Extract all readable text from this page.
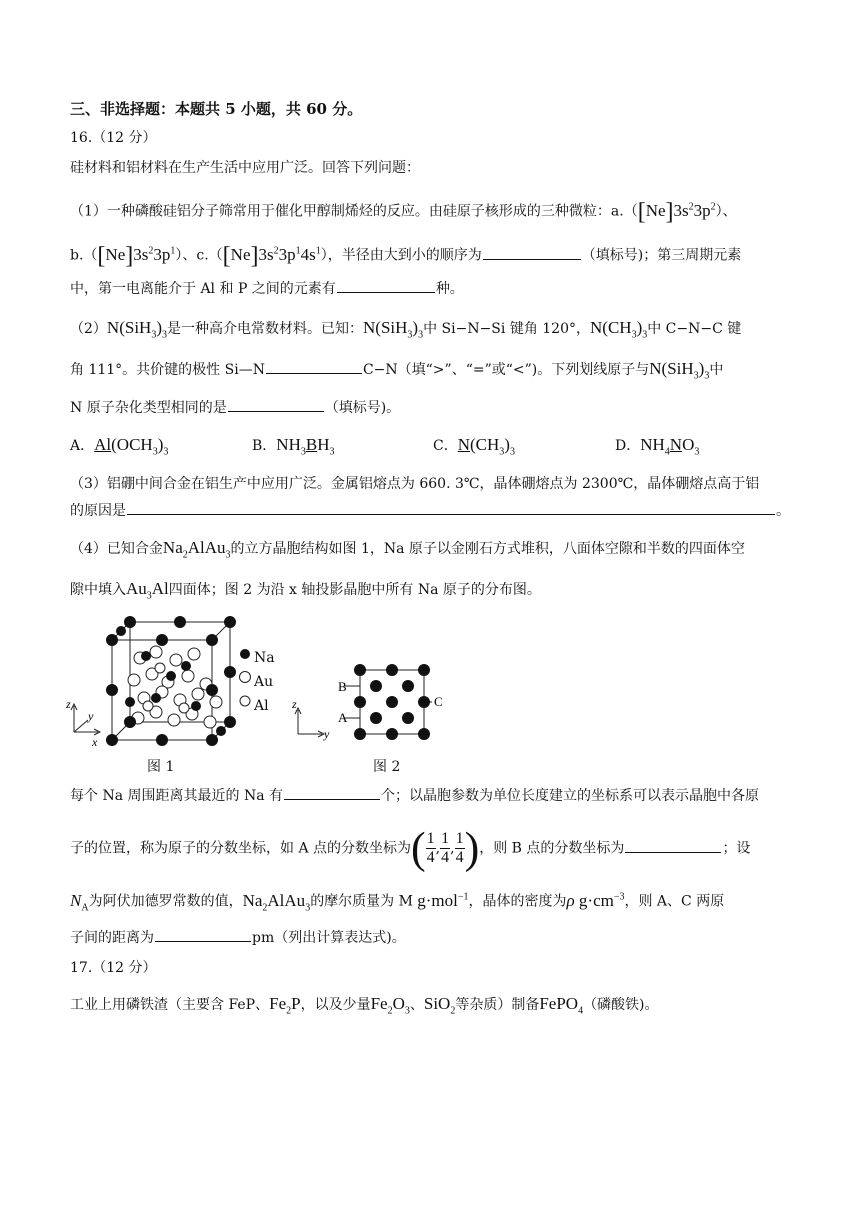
三、非选择题：本题共 5 小题，共 60 分。
16.（12 分）
硅材料和铝材料在生产生活中应用广泛。回答下列问题：
（1）一种磷酸硅铝分子筛常用于催化甲醇制烯烃的反应。由硅原子核形成的三种微粒：$a.([Ne]3s^23p^2)$、
$b.([Ne]3s^23p^1)$、$c.([Ne]3s^23p^14s^1)$，半径由大到小的顺序为	（填标号)；第三周期元素
中，第一电离能介于 Al 和 P 之间的元素有	种。
$(2)N(SiH_3)_3$是一种高介电常数材料。已知：$N(SiH_3)_3$中 Si−N−Si 键角 120°，$N(CH_3)_3$中 C−N−C 键
角 111°。共价键的极性 Si—N	C−N（填“>”、“=”或“<”)。下列划线原子与$N(SiH_3)_3$中
N 原子杂化类型相同的是	（填标号)。
A．$Al(OCH_3)_3$	B．$NH_3BH_3$	C．$N(CH_3)_3$	D．$NH_4NO_3$
（3）铝硼中间合金在铝生产中应用广泛。金属铝熔点为 660. 3℃，晶体硼熔点为 2300℃，晶体硼熔点高于铝
的原因是	。
（4）已知合金$Na_2AlAu_3$的立方晶胞结构如图 1，Na 原子以金刚石方式堆积，八面体空隙和半数的四面体空
隙中填入$Au_3Al$四面体；图 2 为沿 x 轴投影晶胞中所有 Na 原子的分布图。
z
y
x
Na
Au
Al	z
y
B
A
C
图 1	图 2
每个 Na 周围距离其最近的 Na 有	个；以晶胞参数为单位长度建立的坐标系可以表示晶胞中各原
子的位置，称为原子的分数坐标，如 A 点的分数坐标为( $\frac{1}{4}$ , $\frac{1}{4}$ , $\frac{1}{4}$ )，则 B 点的分数坐标为	；设
$N_A$为阿伏加德罗常数的值，$Na_2AlAu_3$的摩尔质量为 M g·mol$^{-1}$，晶体的密度为ρ $g\cdot cm^{-3}$，则 A、C 两原
子间的距离为	pm（列出计算表达式)。
17.（12 分）
工业上用磷铁渣（主要含 FeP、$Fe_2P$，以及少量$Fe_2O_3$、SiO$_2$等杂质）制备FePO$_4$（磷酸铁)。
